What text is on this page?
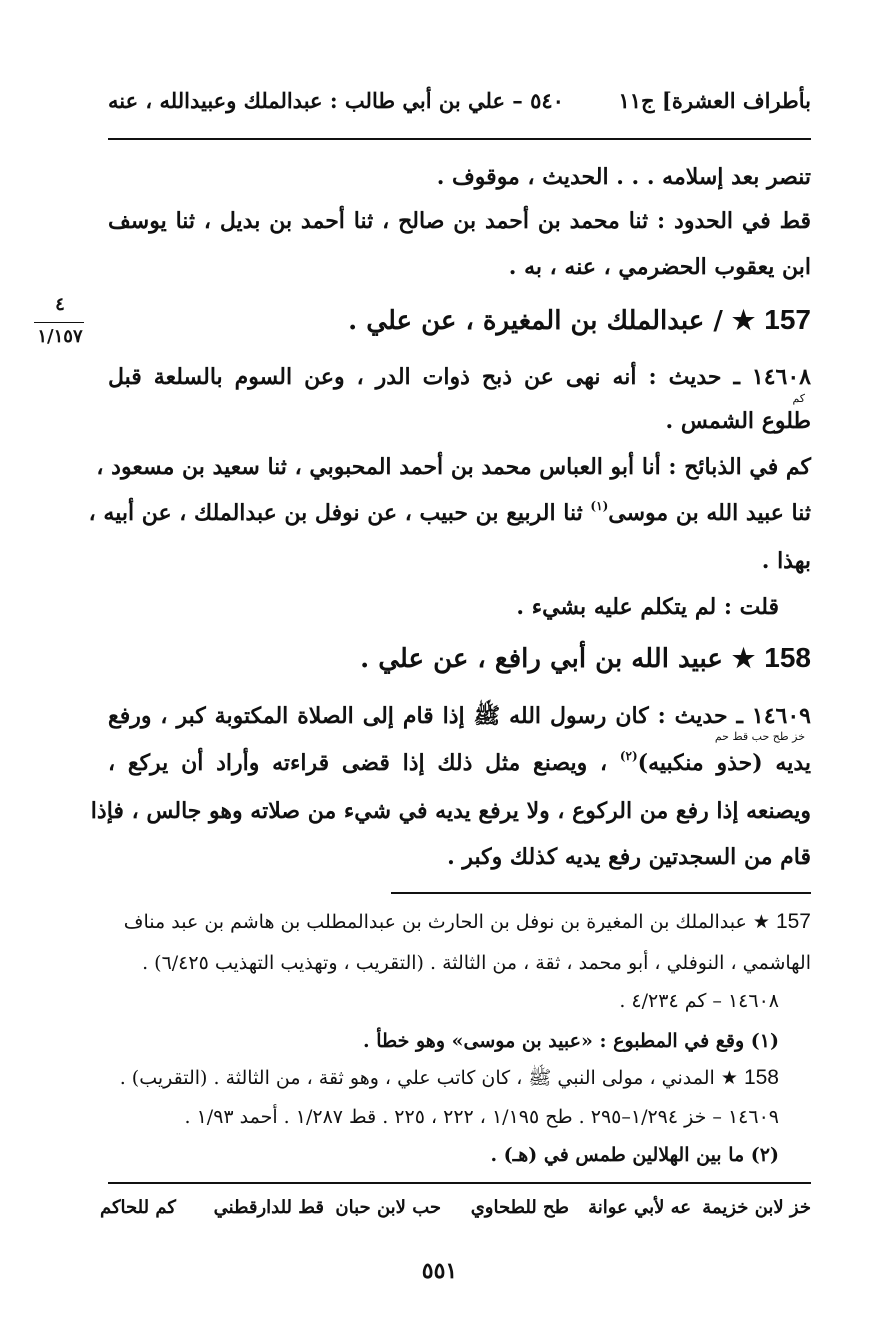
بأطراف العشرة] ج١١
٥٤٠ – علي بن أبي طالب : عبدالملك وعبيدالله ، عنه
٤
١/١٥٧
تنصر بعد إسلامه . . . الحديث ، موقوف .
قط في الحدود : ثنا محمد بن أحمد بن صالح ، ثنا أحمد بن بديل ، ثنا يوسف
ابن يعقوب الحضرمي ، عنه ، به .
157 ★ / عبدالملك بن المغيرة ، عن علي .
١٤٦٠٨ ـ حديث : أنه نهى عن ذبح ذوات الدر ، وعن السوم بالسلعة قبل
كم
طلوع الشمس .
كم في الذبائح : أنا أبو العباس محمد بن أحمد المحبوبي ، ثنا سعيد بن مسعود ،
ثنا عبيد الله بن موسى$^{(١)}$ ثنا الربيع بن حبيب ، عن نوفل بن عبدالملك ، عن أبيه ،
بهذا .
قلت : لم يتكلم عليه بشيء .
158 ★ عبيد الله بن أبي رافع ، عن علي .
١٤٦٠٩ ـ حديث : كان رسول الله ﷺ إذا قام إلى الصلاة المكتوبة كبر ، ورفع
خز طح حب قط حم
يديه (حذو منكبيه)$^{(٢)}$ ، ويصنع مثل ذلك إذا قضى قراءته وأراد أن يركع ،
ويصنعه إذا رفع من الركوع ، ولا يرفع يديه في شيء من صلاته وهو جالس ، فإذا
قام من السجدتين رفع يديه كذلك وكبر .
157 ★ عبدالملك بن المغيرة بن نوفل بن الحارث بن عبدالمطلب بن هاشم بن عبد مناف
الهاشمي ، النوفلي ، أبو محمد ، ثقة ، من الثالثة . (التقريب ، وتهذيب التهذيب ٦/٤٢٥) .
١٤٦٠٨ – كم ٤/٢٣٤ .
(١) وقع في المطبوع : «عبيد بن موسى» وهو خطأ .
158 ★ المدني ، مولى النبي ﷺ ، كان كاتب علي ، وهو ثقة ، من الثالثة . (التقريب) .
١٤٦٠٩ – خز ١/٢٩٤–٢٩٥ . طح ١/١٩٥ ، ٢٢٢ ، ٢٢٥ . قط ١/٢٨٧ . أحمد ١/٩٣ .
(٢) ما بين الهلالين طمس في (هـ) .
خز لابن خزيمة
عه لأبي عوانة
طح للطحاوي
حب لابن حبان
قط للدارقطني
كم للحاكم
٥٥١
